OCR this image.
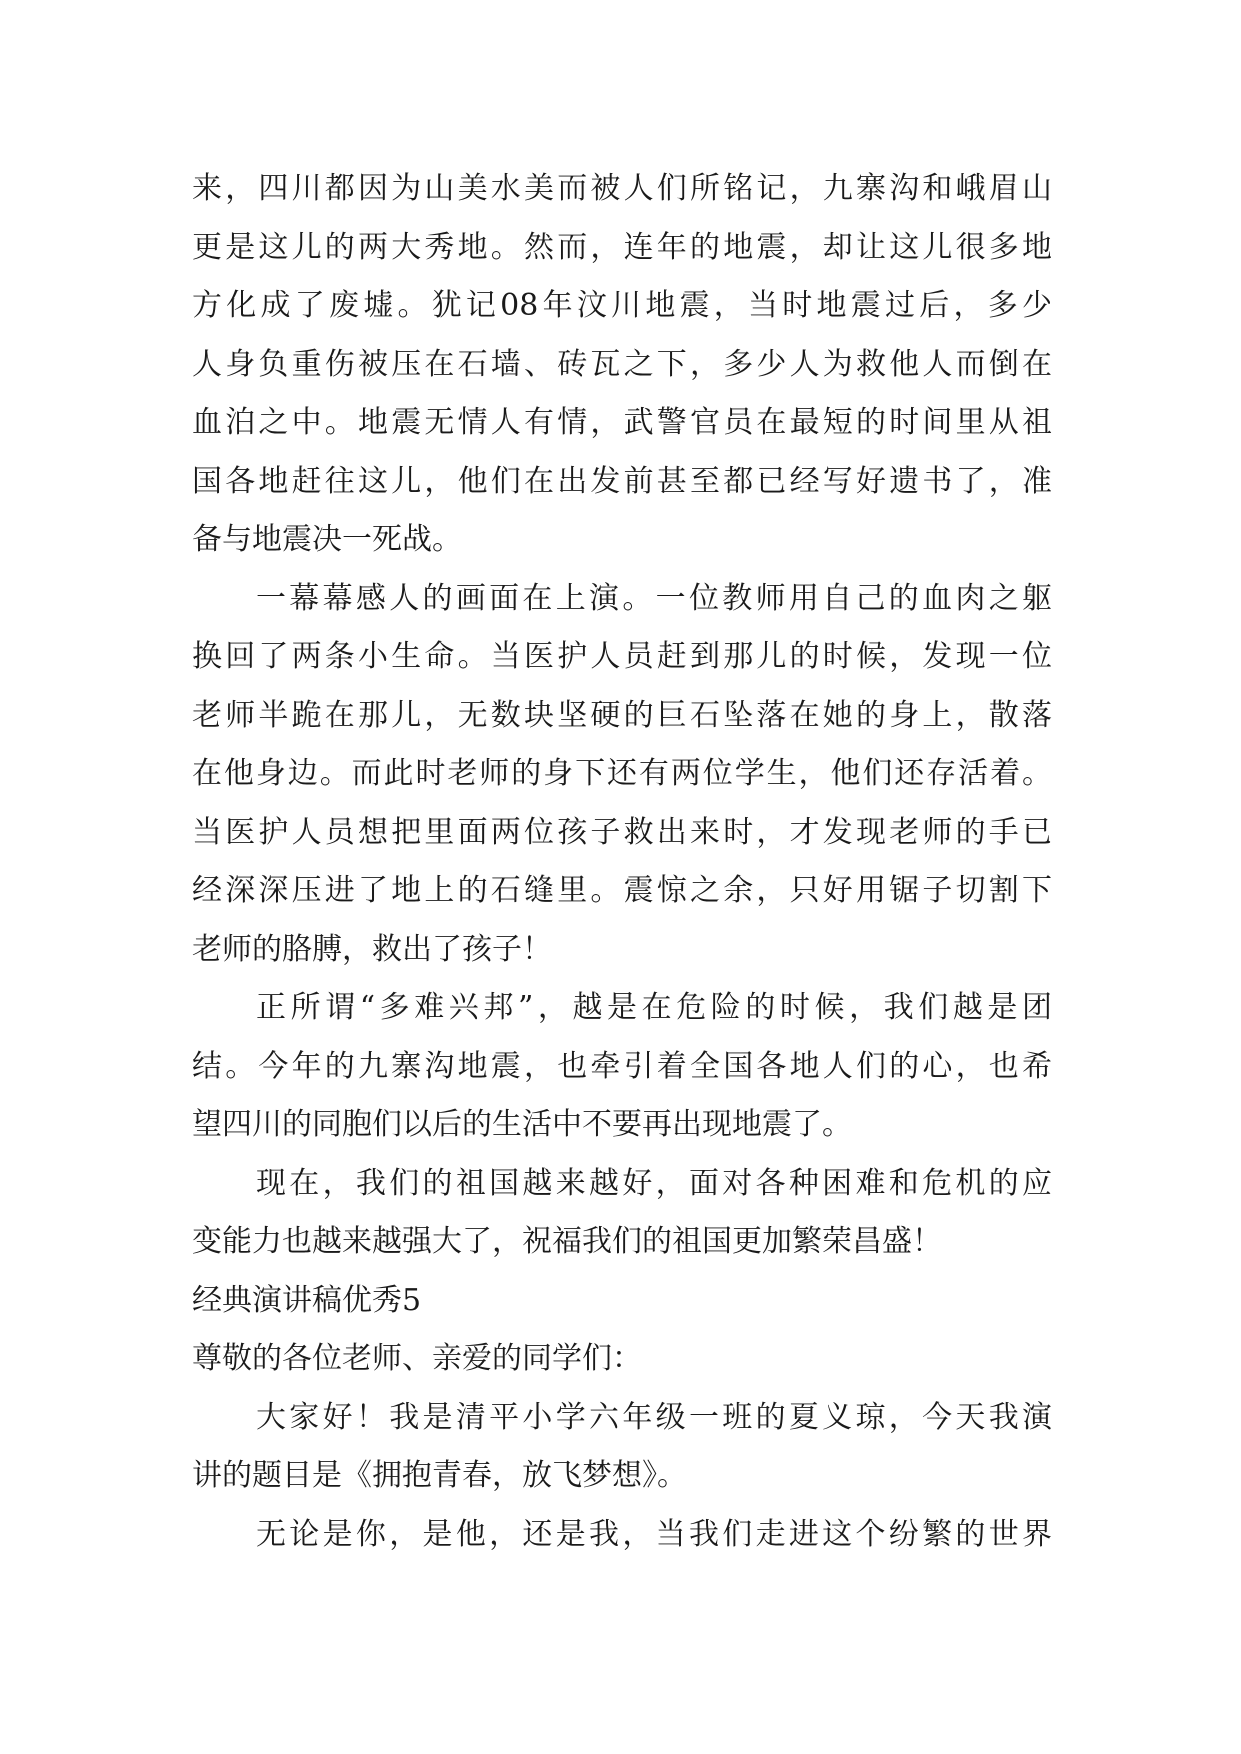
来，四川都因为山美水美而被人们所铭记，九寨沟和峨眉山
更是这儿的两大秀地。然而，连年的地震，却让这儿很多地
方化成了废墟。犹记08年汶川地震，当时地震过后，多少
人身负重伤被压在石墙、砖瓦之下，多少人为救他人而倒在
血泊之中。地震无情人有情，武警官员在最短的时间里从祖
国各地赶往这儿，他们在出发前甚至都已经写好遗书了，准
备与地震决一死战。
一幕幕感人的画面在上演。一位教师用自己的血肉之躯
换回了两条小生命。当医护人员赶到那儿的时候，发现一位
老师半跪在那儿，无数块坚硬的巨石坠落在她的身上，散落
在他身边。而此时老师的身下还有两位学生，他们还存活着。
当医护人员想把里面两位孩子救出来时，才发现老师的手已
经深深压进了地上的石缝里。震惊之余，只好用锯子切割下
老师的胳膊，救出了孩子！
正所谓“多难兴邦”，越是在危险的时候，我们越是团
结。今年的九寨沟地震，也牵引着全国各地人们的心，也希
望四川的同胞们以后的生活中不要再出现地震了。
现在，我们的祖国越来越好，面对各种困难和危机的应
变能力也越来越强大了，祝福我们的祖国更加繁荣昌盛！
经典演讲稿优秀5
尊敬的各位老师、亲爱的同学们：
大家好！我是清平小学六年级一班的夏义琼，今天我演
讲的题目是《拥抱青春，放飞梦想》。
无论是你，是他，还是我，当我们走进这个纷繁的世界
